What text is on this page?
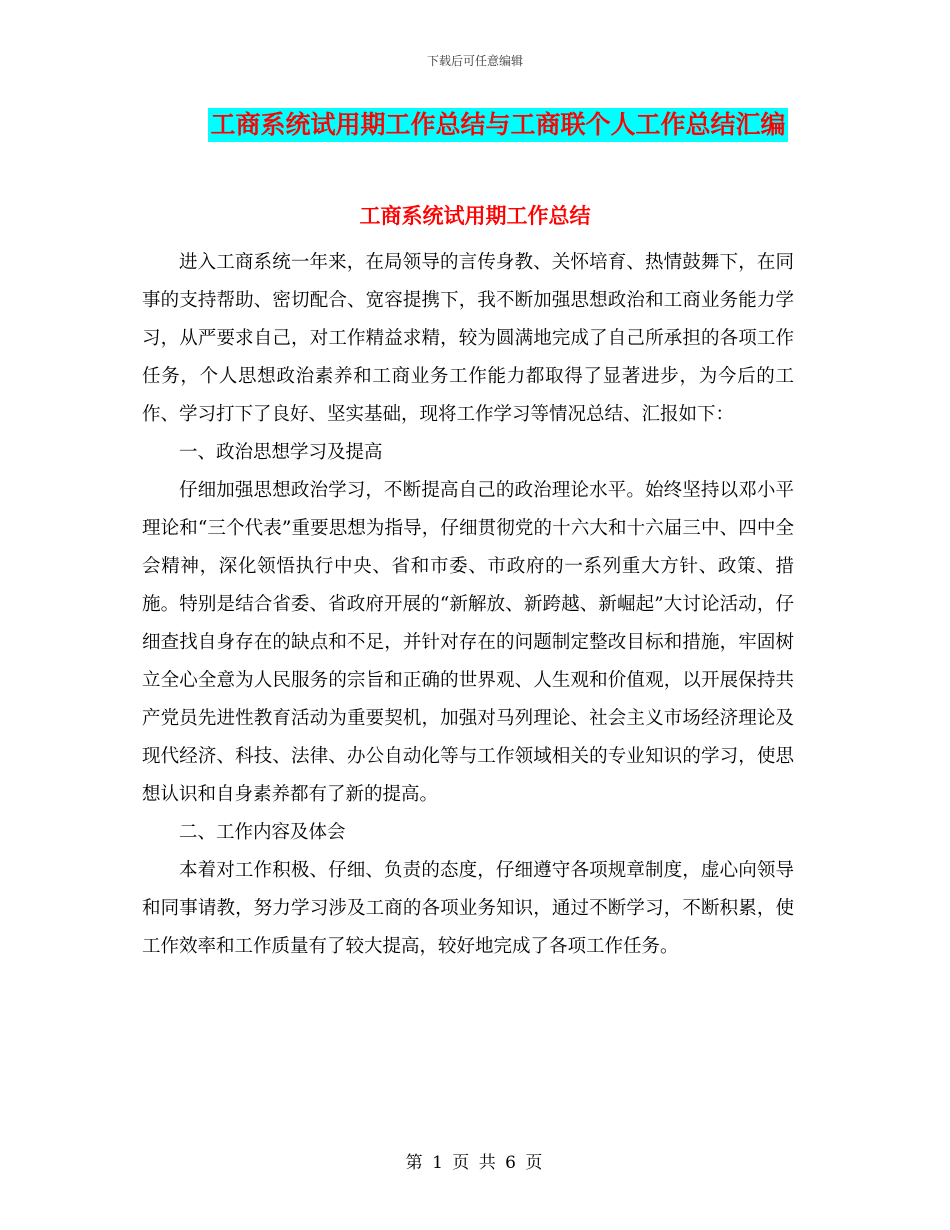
下载后可任意编辑
工商系统试用期工作总结与工商联个人工作总结汇编
工商系统试用期工作总结

进入工商系统一年来，在局领导的言传身教、关怀培育、热情鼓舞下，在同事的支持帮助、密切配合、宽容提携下，我不断加强思想政治和工商业务能力学习，从严要求自己，对工作精益求精，较为圆满地完成了自己所承担的各项工作任务，个人思想政治素养和工商业务工作能力都取得了显著进步，为今后的工作、学习打下了良好、坚实基础，现将工作学习等情况总结、汇报如下：

一、政治思想学习及提高

仔细加强思想政治学习，不断提高自己的政治理论水平。始终坚持以邓小平理论和“三个代表”重要思想为指导，仔细贯彻党的十六大和十六届三中、四中全会精神，深化领悟执行中央、省和市委、市政府的一系列重大方针、政策、措施。特别是结合省委、省政府开展的“新解放、新跨越、新崛起”大讨论活动，仔细查找自身存在的缺点和不足，并针对存在的问题制定整改目标和措施，牢固树立全心全意为人民服务的宗旨和正确的世界观、人生观和价值观，以开展保持共产党员先进性教育活动为重要契机，加强对马列理论、社会主义市场经济理论及现代经济、科技、法律、办公自动化等与工作领域相关的专业知识的学习，使思想认识和自身素养都有了新的提高。

二、工作内容及体会

本着对工作积极、仔细、负责的态度，仔细遵守各项规章制度，虚心向领导和同事请教，努力学习涉及工商的各项业务知识，通过不断学习，不断积累，使工作效率和工作质量有了较大提高，较好地完成了各项工作任务。

第 1 页 共 6 页
